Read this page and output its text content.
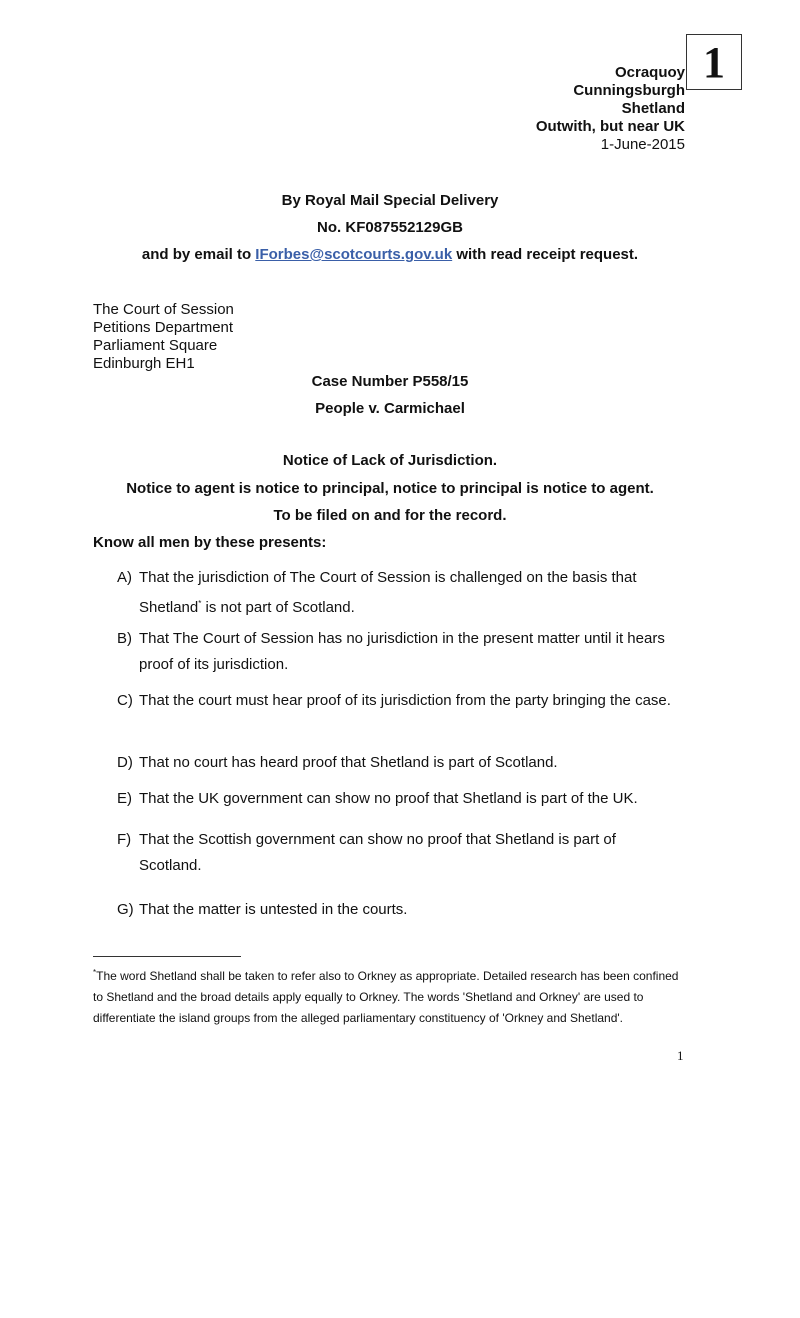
1
Ocraquoy
Cunningsburgh
Shetland
Outwith, but near UK
1-June-2015
By Royal Mail Special Delivery
No. KF087552129GB
and by email to IForbes@scotcourts.gov.uk with read receipt request.
The Court of Session
Petitions Department
Parliament Square
Edinburgh EH1
Case Number P558/15
People v. Carmichael
Notice of Lack of Jurisdiction.
Notice to agent is notice to principal, notice to principal is notice to agent.
To be filed on and for the record.
Know all men by these presents:
A) That the jurisdiction of The Court of Session is challenged on the basis that Shetland* is not part of Scotland.
B) That The Court of Session has no jurisdiction in the present matter until it hears proof of its jurisdiction.
C) That the court must hear proof of its jurisdiction from the party bringing the case.
D) That no court has heard proof that Shetland is part of Scotland.
E) That the UK government can show no proof that Shetland is part of the UK.
F) That the Scottish government can show no proof that Shetland is part of Scotland.
G) That the matter is untested in the courts.
*The word Shetland shall be taken to refer also to Orkney as appropriate. Detailed research has been confined to Shetland and the broad details apply equally to Orkney. The words 'Shetland and Orkney' are used to differentiate the island groups from the alleged parliamentary constituency of 'Orkney and Shetland'.
1
